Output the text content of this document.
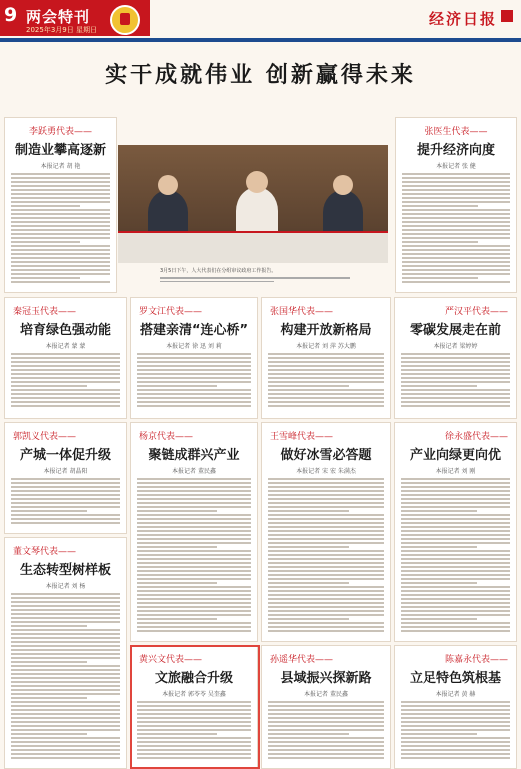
9 两会特刊
2025年3月9日 星期日
经济日报
实干成就伟业 创新赢得未来
李跃勇代表——
制造业攀高逐新
本报记者 胡 艳
张医生代表——
提升经济向度
本报记者 张 健
3月5日下午，人大代表们在分组审议政府工作报告。
秦冠玉代表——
培育绿色强动能
本报记者 蒙 蒙
罗文江代表——
搭建亲清“连心桥”
本报记者 徐 迅 刘 莉
张国华代表——
构建开放新格局
本报记者 刘 萍 苏大鹏
严汉平代表——
零碳发展走在前
本报记者 梁婷婷
郭凯义代表——
产城一体促升级
本报记者 胡晶阳
杨京代表——
聚链成群兴产业
本报记者 董民鑫
王雪峰代表——
做好冰雪必答题
本报记者 宋 宏 朱满杰
徐永盛代表——
产业向绿更向优
本报记者 刘 刚
董文琴代表——
生态转型树样板
本报记者 刘 杨
黄兴文代表——
文旅融合升级
本报记者 郭苓苓 吴奎鑫
孙遥华代表——
县域振兴探新路
本报记者 董民鑫
陈嘉永代表——
立足特色筑根基
本报记者 黄 赫
